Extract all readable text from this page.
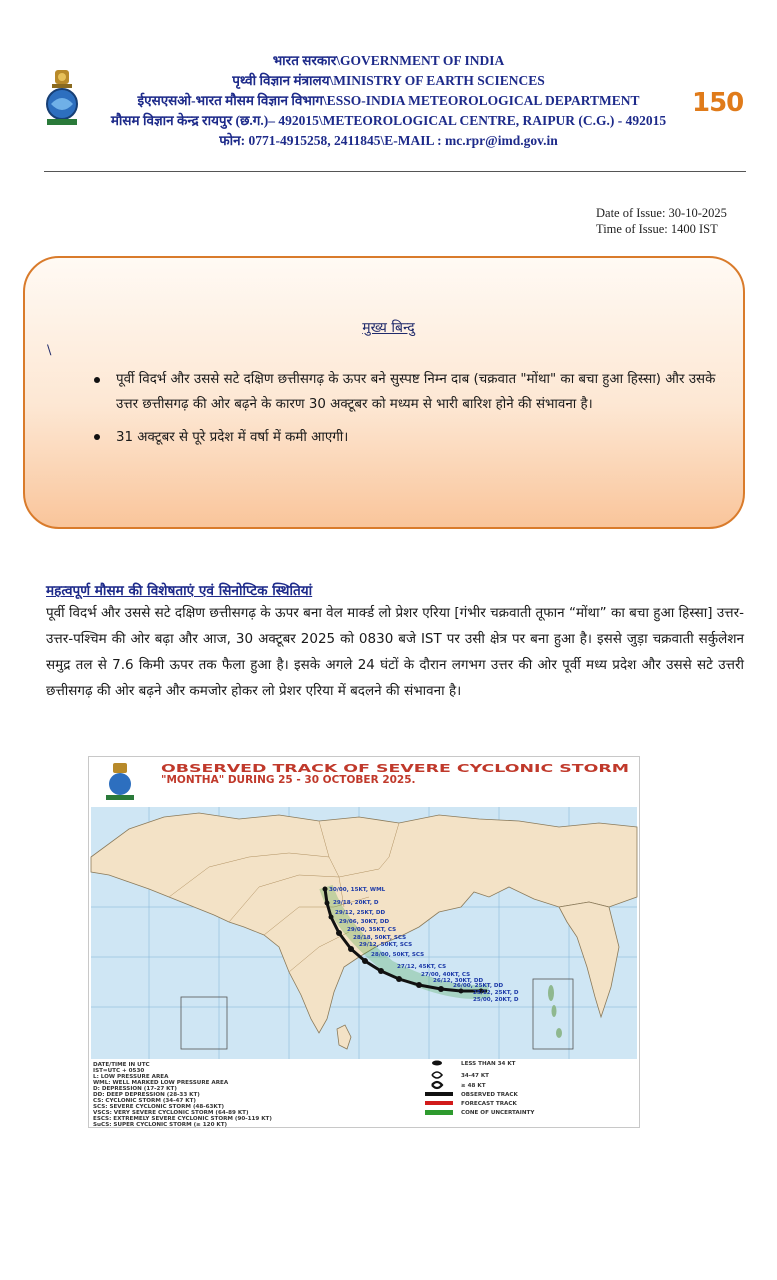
150

भारत सरकार\GOVERNMENT OF INDIA
पृथ्वी विज्ञान मंत्रालय\MINISTRY OF EARTH SCIENCES
ईएसएसओ-भारत मौसम विज्ञान विभाग\ESSO-INDIA METEOROLOGICAL DEPARTMENT
मौसम विज्ञान केन्द्र रायपुर (छ.ग.)– 492015\METEOROLOGICAL CENTRE, RAIPUR (C.G.) - 492015
फोन: 0771-4915258, 2411845\E-MAIL : mc.rpr@imd.gov.in
Date of Issue: 30-10-2025
Time of Issue: 1400 IST
मुख्य बिन्दु
\
पूर्वी विदर्भ और उससे सटे दक्षिण छत्तीसगढ़ के ऊपर बने सुस्पष्ट निम्न दाब (चक्रवात "मोंथा" का बचा हुआ हिस्सा) और उसके उत्तर छत्तीसगढ़ की ओर बढ़ने के कारण 30 अक्टूबर को मध्यम से भारी बारिश होने की संभावना है।
31 अक्टूबर से पूरे प्रदेश में वर्षा में कमी आएगी।
महत्वपूर्ण मौसम की विशेषताएं एवं सिनोप्टिक स्थितियां
पूर्वी विदर्भ और उससे सटे दक्षिण छत्तीसगढ़ के ऊपर बना वेल मार्क्ड लो प्रेशर एरिया [गंभीर चक्रवाती तूफान “मोंथा” का बचा हुआ हिस्सा] उत्तर-उत्तर-पश्चिम की ओर बढ़ा और आज, 30 अक्टूबर 2025 को 0830 बजे IST पर उसी क्षेत्र पर बना हुआ है। इससे जुड़ा चक्रवाती सर्कुलेशन समुद्र तल से 7.6 किमी ऊपर तक फैला हुआ है। इसके अगले 24 घंटों के दौरान लगभग उत्तर की ओर पूर्वी मध्य प्रदेश और उससे सटे उत्तरी छत्तीसगढ़ की ओर बढ़ने और कमजोर होकर लो प्रेशर एरिया में बदलने की संभावना है।
OBSERVED TRACK OF SEVERE CYCLONIC STORM
"MONTHA" DURING 25 - 30 OCTOBER 2025.
30/00, 15KT, WML
29/18, 20KT, D
29/12, 25KT, DD
29/06, 30KT, DD
29/00, 35KT, CS
28/18, 50KT, SCS
29/12, 50KT, SCS
28/00, 50KT, SCS
27/12, 45KT, CS
27/00, 40KT, CS
26/12, 30KT, DD
26/00, 25KT, DD
25/12, 25KT, D
25/00, 20KT, D
DATE/TIME IN UTC
IST=UTC + 0530
L: LOW PRESSURE AREA
WML: WELL MARKED LOW PRESSURE AREA
D: DEPRESSION (17-27 KT)
DD: DEEP DEPRESSION (28-33 KT)
CS: CYCLONIC STORM (34-47 KT)
SCS: SEVERE CYCLONIC STORM (48-63KT)
VSCS: VERY SEVERE CYCLONIC STORM (64-89 KT)
ESCS: EXTREMELY SEVERE CYCLONIC STORM (90-119 KT)
SuCS: SUPER CYCLONIC STORM (≥ 120 KT)
LESS THAN 34 KT
34-47 KT
≥ 48 KT
OBSERVED TRACK
FORECAST TRACK
CONE OF UNCERTAINTY
